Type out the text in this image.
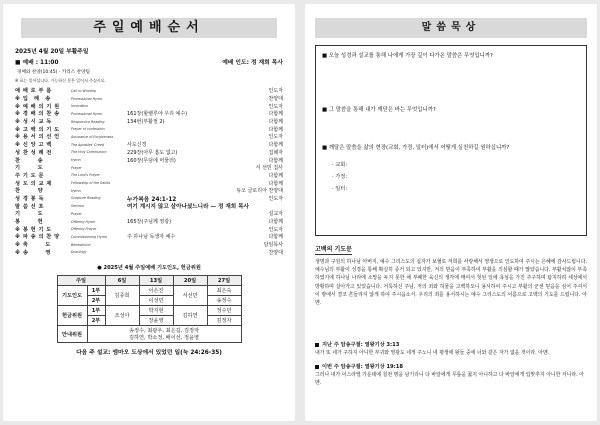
주일예배순서
2025년 4월 20일 부활주일
■ 예배 : 11:00	예배 인도: 정 재희 목사
경배와 찬양(10:45) · 카리스 찬양팀
※ 표는 일어섭니다. 가능하신 분은 일어서 주십시오.
예 배 로 부 름	Call to Worship	인도자
※ 입　례　송	Processional Hymn	찬양대
※ 예 배 의 기 원	Invocation	인도자
※ 경 배 의 찬 송	Processional Hymn	161장(할렐루야 우리 예수)	다함께
※ 성 시 교 독	Responsive Reading	134번(부활절 2)	다함께
※ 고 백 의 기 도	Prayer of confession	다함께
※ 용 서 의 선 언	Assurance of Forgiveness	인도자
※ 신 앙 고 백	The Apostles' Creed	사도신경	다함께
성 찬 성 례 전	The Holy Communion	229장(아무 흠도 없고)	집례자
찬　　　송	Hymn	160장(무덤에 머물러)	다함께
기　　　도	Prayer	서 선민 집사
주 기 도 문	The Lord's Prayer	다함께
성 도 의 교 제	Fellowship of the Saints	다함께
찬　　　양	Hymn	듀오 글로리아 찬양대
성 경 봉 독	Scripture Reading	누가복음 24:1-12	인도자
말 씀 선 포	Sermon	여기 계시지 않고 살아나셨느니라 — 정 재희 목사
기　　　도	Prayer	설교자
봉　　　헌	Offering Hymn	165장(주님께 영광)	다함께
※ 봉 헌 기 도	Offering Prayer	인도자
※ 파 송 의 찬 양	Commissioning Hymn	주 하나님 독생자 예수	다함께
※ 축　　　도	Benediction	담임목사
※ 송　　　영	Doxology	찬양대
● 2025년 4월 주일예배 기도인도, 헌금위원
주일		6일	13일	20일	27일
기도인도	1부	김종희	이은진	서선민	최은숙
	2부		이성민		송정수
헌금위원	1부	조성아	박지현	김하연	정수민
	2부		장윤영		김정자
안내위원	송정수, 최광우, 최은길, 김정자
김하연, 박소정, 배이선, 정윤영				
다음 주 설교: 엠마오 도상에서 있었던 일(눅 24:26-35)
말씀묵상
■ 오늘 성경과 설교를 통해 나에게 가장 깊이 다가온 말씀은 무엇입니까?
■ 그 말씀을 통해 내가 깨닫은 바는 무엇입니까?
■ 깨달은 말씀을 삶의 현장(교회, 가정, 일터)에서 어떻게 실천하길 원하십니까?
· 교회:
· 가정:
· 일터:
고백의 기도문
생명과 구원의 하나님 아버지, 예수 그리스도의 십자가 보혈로 저희를 사랑해서 영생으로 인도하여 주시는 은혜에 감사드립니다. 예수님의 부활이 성경을 통해 확실히 증거 되고 있지만, 저의 믿음이 부족하여 부활을 의심할 때가 많았습니다. 부활치않이 부족하였기에 하나님 나라에 소망을 두지 못한 채 부패한 육신의 생각에 매여서 헛된 일에 욕심을 가진 주구하며 탐지하려 세상에서 방황하며 살아가고 있었습니다. 거룩하신 주님, 저의 죄와 허물을 고백하오니 용서하여 주시고 부활의 군센 믿음을 심어 주셔서 이 땅에서 결코 흔들리지 않게 하여 주시옵소서. 우리의 죄를 용서하시는 예수 그리스도의 이름으로 고백의 기도를 드립니다. 아멘.
지난 주 암송구절: 열왕기상 3:13
내가 또 네가 구하지 아니한 부귀와 영광도 네게 주노니 네 평생에 왕들 중에 너와 같은 자가 없을 것이라. 아멘.
이번 주 암송구절: 열왕기상 19:18
그러나 내가 이스라엘 가운데에 칠천 명을 남기리니 다 바알에게 무릎을 꿇지 아니하고 다 바알에게 입맞추지 아니한 자니라. 아멘.
